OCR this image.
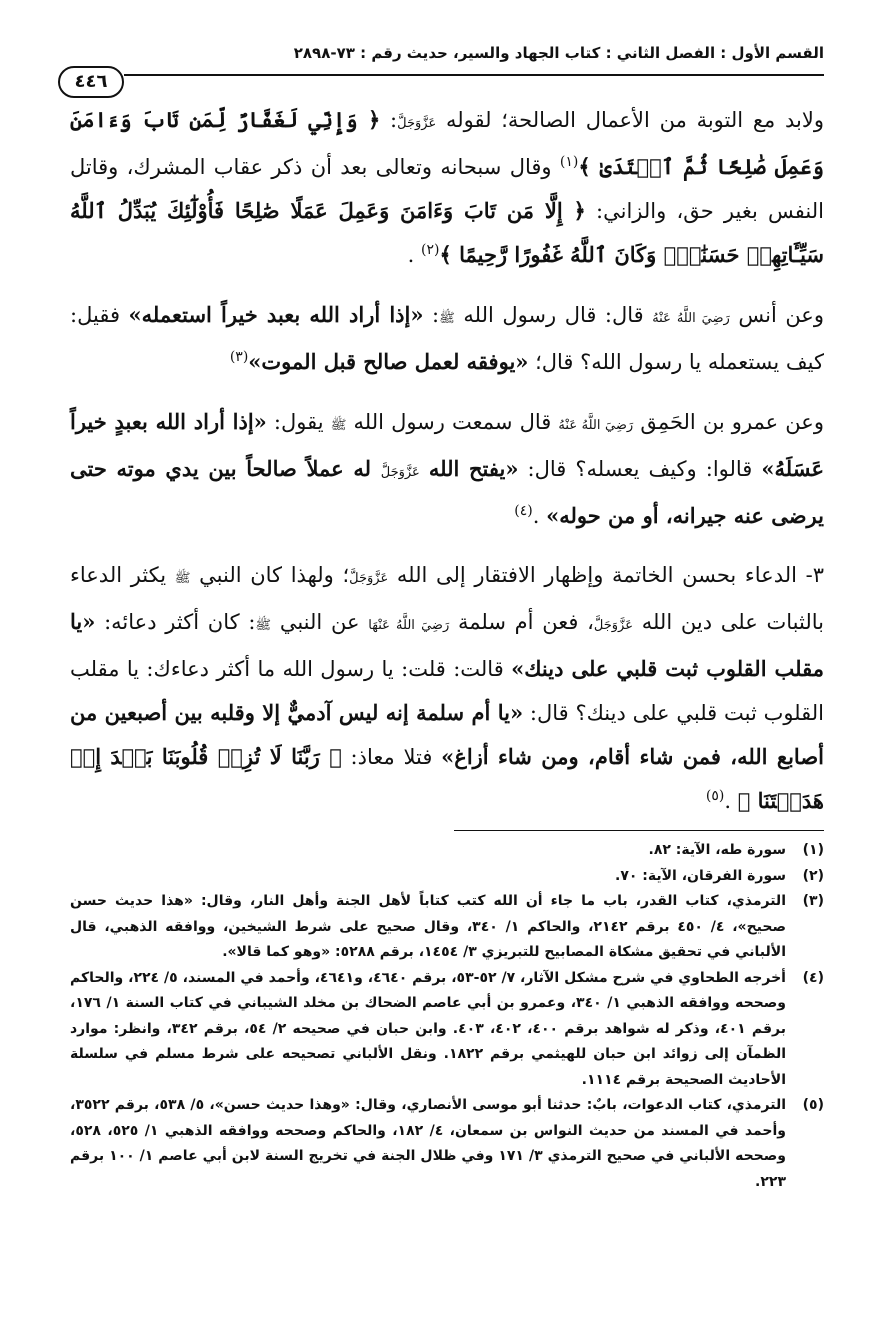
القسم الأول : الفصل الثاني : كتاب الجهاد والسير، حديث رقم : ٧٣-٢٨٩٨
٤٤٦

ولابد مع التوبة من الأعمال الصالحة؛ لقوله عَزَّوَجَلَّ: ﴿ وَإِنِّي لَغَفَّارٌ لِّمَن تَابَ وَءَامَنَ وَعَمِلَ صَٰلِحًا ثُمَّ ٱهۡتَدَىٰ ﴾$^{(١)}$ وقال سبحانه وتعالى بعد أن ذكر عقاب المشرك، وقاتل النفس بغير حق، والزاني: ﴿ إِلَّا مَن تَابَ وَءَامَنَ وَعَمِلَ عَمَلًا صَٰلِحًا فَأُوْلَٰٓئِكَ يُبَدِّلُ ٱللَّهُ سَيِّـَٔاتِهِمۡ حَسَنَٰتٖۗ وَكَانَ ٱللَّهُ غَفُورًا رَّحِيمًا ﴾$^{(٢)}$ .

وعن أنس رَضِيَ اللَّهُ عَنْهُ قال: قال رسول الله ﷺ: «إذا أراد الله بعبد خيراً استعمله» فقيل: كيف يستعمله يا رسول الله؟ قال؛ «يوفقه لعمل صالح قبل الموت»$^{(٣)}$

وعن عمرو بن الحَمِق رَضِيَ اللَّهُ عَنْهُ قال سمعت رسول الله ﷺ يقول: «إذا أراد الله بعبدٍ خيراً عَسَلَهُ» قالوا: وكيف يعسله؟ قال: «يفتح الله عَزَّوَجَلَّ له عملاً صالحاً بين يدي موته حتى يرضى عنه جيرانه، أو من حوله» .$^{(٤)}$

٣- الدعاء بحسن الخاتمة وإظهار الافتقار إلى الله عَزَّوَجَلَّ؛ ولهذا كان النبي ﷺ يكثر الدعاء بالثبات على دين الله عَزَّوَجَلَّ، فعن أم سلمة رَضِيَ اللَّهُ عَنْهَا عن النبي ﷺ: كان أكثر دعائه: «يا مقلب القلوب ثبت قلبي على دينك» قالت: قلت: يا رسول الله ما أكثر دعاءك: يا مقلب القلوب ثبت قلبي على دينك؟ قال: «يا أم سلمة إنه ليس آدميٌّ إلا وقلبه بين أصبعين من أصابع الله، فمن شاء أقام، ومن شاء أزاغ» فتلا معاذ: ﴿ رَبَّنَا لَا تُزِغۡ قُلُوبَنَا بَعۡدَ إِذۡ هَدَيۡتَنَا ﴾ .$^{(٥)}$

(١)
سورة طه، الآية: ٨٢.

(٢)
سورة الفرقان، الآية: ٧٠.

(٣)
الترمذي، كتاب القدر، باب ما جاء أن الله كتب كتاباً لأهل الجنة وأهل النار، وقال: «هذا حديث حسن صحيح»، ٤/ ٤٥٠ برقم ٢١٤٢، والحاكم ١/ ٣٤٠، وقال صحيح على شرط الشيخين، ووافقه الذهبي، قال الألباني في تحقيق مشكاة المصابيح للتبريزي ٣/ ١٤٥٤، برقم ٥٢٨٨: «وهو كما قالا».

(٤)
أخرجه الطحاوي في شرح مشكل الآثار، ٧/ ٥٢-٥٣، برقم ٤٦٤٠، و٤٦٤١، وأحمد في المسند، ٥/ ٢٢٤، والحاكم وصححه ووافقه الذهبي ١/ ٣٤٠، وعمرو بن أبي عاصم الضحاك بن مخلد الشيباني في كتاب السنة ١/ ١٧٦، برقم ٤٠١، وذكر له شواهد برقم ٤٠٠، ٤٠٢، ٤٠٣. وابن حبان في صحيحه ٢/ ٥٤، برقم ٣٤٢، وانظر: موارد الظمآن إلى زوائد ابن حبان للهيثمي برقم ١٨٢٢. ونقل الألباني تصحيحه على شرط مسلم في سلسلة الأحاديث الصحيحة برقم ١١١٤.

(٥)
الترمذي، كتاب الدعوات، بابٌ: حدثنا أبو موسى الأنصاري، وقال: «وهذا حديث حسن»، ٥/ ٥٣٨، برقم ٣٥٢٢، وأحمد في المسند من حديث النواس بن سمعان، ٤/ ١٨٢، والحاكم وصححه ووافقه الذهبي ١/ ٥٢٥، ٥٢٨، وصححه الألباني في صحيح الترمذي ٣/ ١٧١ وفي ظلال الجنة في تخريج السنة لابن أبي عاصم ١/ ١٠٠ برقم ٢٢٣.
